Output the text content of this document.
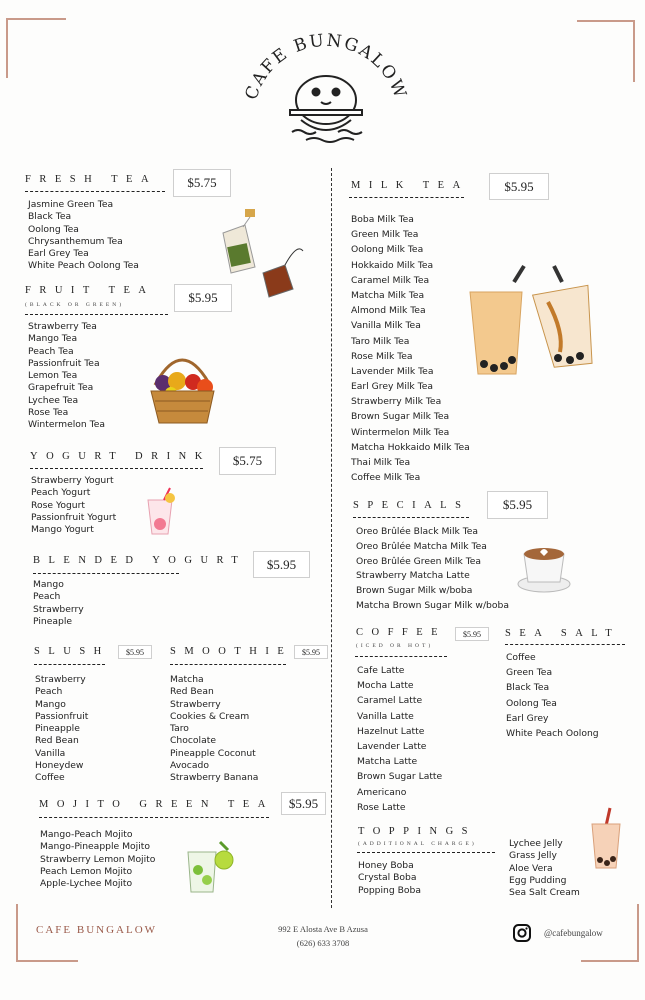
CAFE BUNGALOW
FRESH TEA	$5.75
Jasmine Green Tea
Black Tea
Oolong Tea
Chrysanthemum Tea
Earl Grey Tea
White Peach Oolong Tea
FRUIT TEA
(BLACK OR GREEN)	$5.95
Strawberry Tea
Mango Tea
Peach Tea
Passionfruit Tea
Lemon Tea
Grapefruit Tea
Lychee Tea
Rose Tea
Wintermelon Tea
YOGURT DRINK	$5.75
Strawberry Yogurt
Peach Yogurt
Rose Yogurt
Passionfruit Yogurt
Mango Yogurt
BLENDED YOGURT	$5.95
Mango
Peach
Strawberry
Pineaple
SLUSH	$5.95
Strawberry
Peach
Mango
Passionfruit
Pineapple
Red Bean
Vanilla
Honeydew
Coffee
SMOOTHIE	$5.95
Matcha
Red Bean
Strawberry
Cookies & Cream
Taro
Chocolate
Pineapple Coconut
Avocado
Strawberry Banana
MOJITO GREEN TEA	$5.95
Mango-Peach Mojito
Mango-Pineapple Mojito
Strawberry Lemon Mojito
Peach Lemon Mojito
Apple-Lychee Mojito
MILK TEA	$5.95
Boba Milk Tea
Green Milk Tea
Oolong Milk Tea
Hokkaido Milk Tea
Caramel Milk Tea
Matcha Milk Tea
Almond Milk Tea
Vanilla Milk Tea
Taro Milk Tea
Rose Milk Tea
Lavender Milk Tea
Earl Grey Milk Tea
Strawberry Milk Tea
Brown Sugar Milk Tea
Wintermelon Milk Tea
Matcha Hokkaido Milk Tea
Thai Milk Tea
Coffee Milk Tea
SPECIALS	$5.95
Oreo Brûlée Black Milk Tea
Oreo Brûlée Matcha Milk Tea
Oreo Brûlée Green Milk Tea
Strawberry Matcha Latte
Brown Sugar Milk w/boba
Matcha Brown Sugar Milk w/boba
COFFEE
(ICED OR HOT)
$5.95
Cafe Latte
Mocha Latte
Caramel Latte
Vanilla Latte
Hazelnut Latte
Lavender Latte
Matcha Latte
Brown Sugar Latte
Americano
Rose Latte
SEA SALT
Coffee
Green Tea
Black Tea
Oolong Tea
Earl Grey
White Peach Oolong
TOPPINGS
(ADDITIONAL CHARGE)
Honey Boba
Crystal Boba
Popping Boba
Lychee Jelly
Grass Jelly
Aloe Vera
Egg Pudding
Sea Salt Cream
CAFE BUNGALOW	992 E Alosta Ave B Azusa
(626) 633 3708
@cafebungalow
